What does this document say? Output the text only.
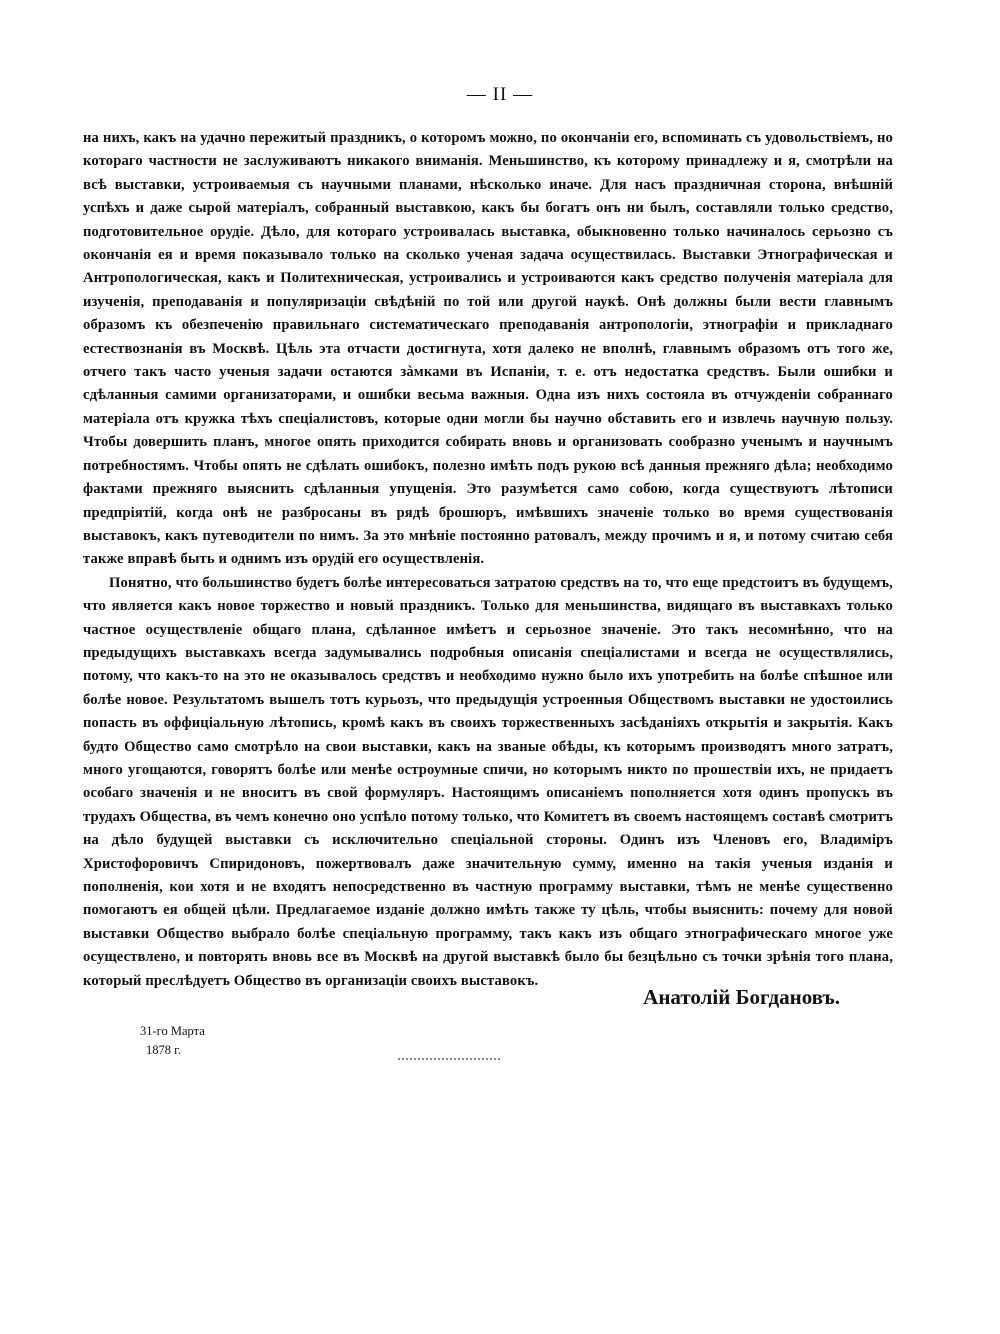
— II —

на нихъ, какъ на удачно пережитый праздникъ, о которомъ можно, по окончаніи его, вспоминать съ удовольствіемъ, но котораго частности не заслуживаютъ никакого вниманія. Меньшинство, къ которому принадлежу и я, смотрѣли на всѣ выставки, устроиваемыя съ научными планами, нѣсколько иначе. Для насъ праздничная сторона, внѣшній успѣхъ и даже сырой матеріалъ, собранный выставкою, какъ бы богатъ онъ ни былъ, составляли только средство, подготовительное орудіе. Дѣло, для котораго устроивалась выставка, обыкновенно только начиналось серьозно съ окончанія ея и время показывало только на сколько ученая задача осуществилась. Выставки Этнографическая и Антропологическая, какъ и Политехническая, устроивались и устроиваются какъ средство полученія матеріала для изученія, преподаванія и популяризаціи свѣдѣній по той или другой наукѣ. Онѣ должны были вести главнымъ образомъ къ обезпеченію правильнаго систематическаго преподаванія антропологіи, этнографіи и прикладнаго естествознанія въ Москвѣ. Цѣль эта отчасти достигнута, хотя далеко не вполнѣ, главнымъ образомъ отъ того же, отчего такъ часто ученыя задачи остаются зàмками въ Испаніи, т. е. отъ недостатка средствъ. Были ошибки и сдѣланныя самими организаторами, и ошибки весьма важныя. Одна изъ нихъ состояла въ отчужденіи собраннаго матеріала отъ кружка тѣхъ спеціалистовъ, которые одни могли бы научно обставить его и извлечь научную пользу. Чтобы довершить планъ, многое опять приходится собирать вновь и организовать сообразно ученымъ и научнымъ потребностямъ. Чтобы опять не сдѣлать ошибокъ, полезно имѣть подъ рукою всѣ данныя прежняго дѣла; необходимо фактами прежняго выяснить сдѣланныя упущенія. Это разумѣется само собою, когда существуютъ лѣтописи предпріятій, когда онѣ не разбросаны въ рядѣ брошюръ, имѣвшихъ значеніе только во время существованія выставокъ, какъ путеводители по нимъ. За это мнѣніе постоянно ратовалъ, между прочимъ и я, и потому считаю себя также вправѣ быть и однимъ изъ орудій его осуществленія.

Понятно, что большинство будетъ болѣе интересоваться затратою средствъ на то, что еще предстоитъ въ будущемъ, что является какъ новое торжество и новый праздникъ. Только для меньшинства, видящаго въ выставкахъ только частное осуществленіе общаго плана, сдѣланное имѣетъ и серьозное значеніе. Это такъ несомнѣнно, что на предыдущихъ выставкахъ всегда задумывались подробныя описанія спеціалистами и всегда не осуществлялись, потому, что какъ-то на это не оказывалось средствъ и необходимо нужно было ихъ употребить на болѣе спѣшное или болѣе новое. Результатомъ вышелъ тотъ курьозъ, что предыдущія устроенныя Обществомъ выставки не удостоились попасть въ оффиціальную лѣтопись, кромѣ какъ въ своихъ торжественныхъ засѣданіяхъ открытія и закрытія. Какъ будто Общество само смотрѣло на свои выставки, какъ на званые обѣды, къ которымъ производятъ много затратъ, много угощаются, говорятъ болѣе или менѣе остроумные спичи, но которымъ никто по прошествіи ихъ, не придаетъ особаго значенія и не вноситъ въ свой формуляръ. Настоящимъ описаніемъ пополняется хотя одинъ пропускъ въ трудахъ Общества, въ чемъ конечно оно успѣло потому только, что Комитетъ въ своемъ настоящемъ составѣ смотритъ на дѣло будущей выставки съ исключительно спеціальной стороны. Одинъ изъ Членовъ его, Владиміръ Христофоровичъ Спиридоновъ, пожертвовалъ даже значительную сумму, именно на такія ученыя изданія и пополненія, кои хотя и не входятъ непосредственно въ частную программу выставки, тѣмъ не менѣе существенно помогаютъ ея общей цѣли. Предлагаемое изданіе должно имѣть также ту цѣль, чтобы выяснить: почему для новой выставки Общество выбрало болѣе спеціальную программу, такъ какъ изъ общаго этнографическаго многое уже осуществлено, и повторять вновь все въ Москвѣ на другой выставкѣ было бы безцѣльно съ точки зрѣнія того плана, который преслѣдуетъ Общество въ организаціи своихъ выставокъ.

Анатолій Богдановъ.
31-го Марта
1878 г.
